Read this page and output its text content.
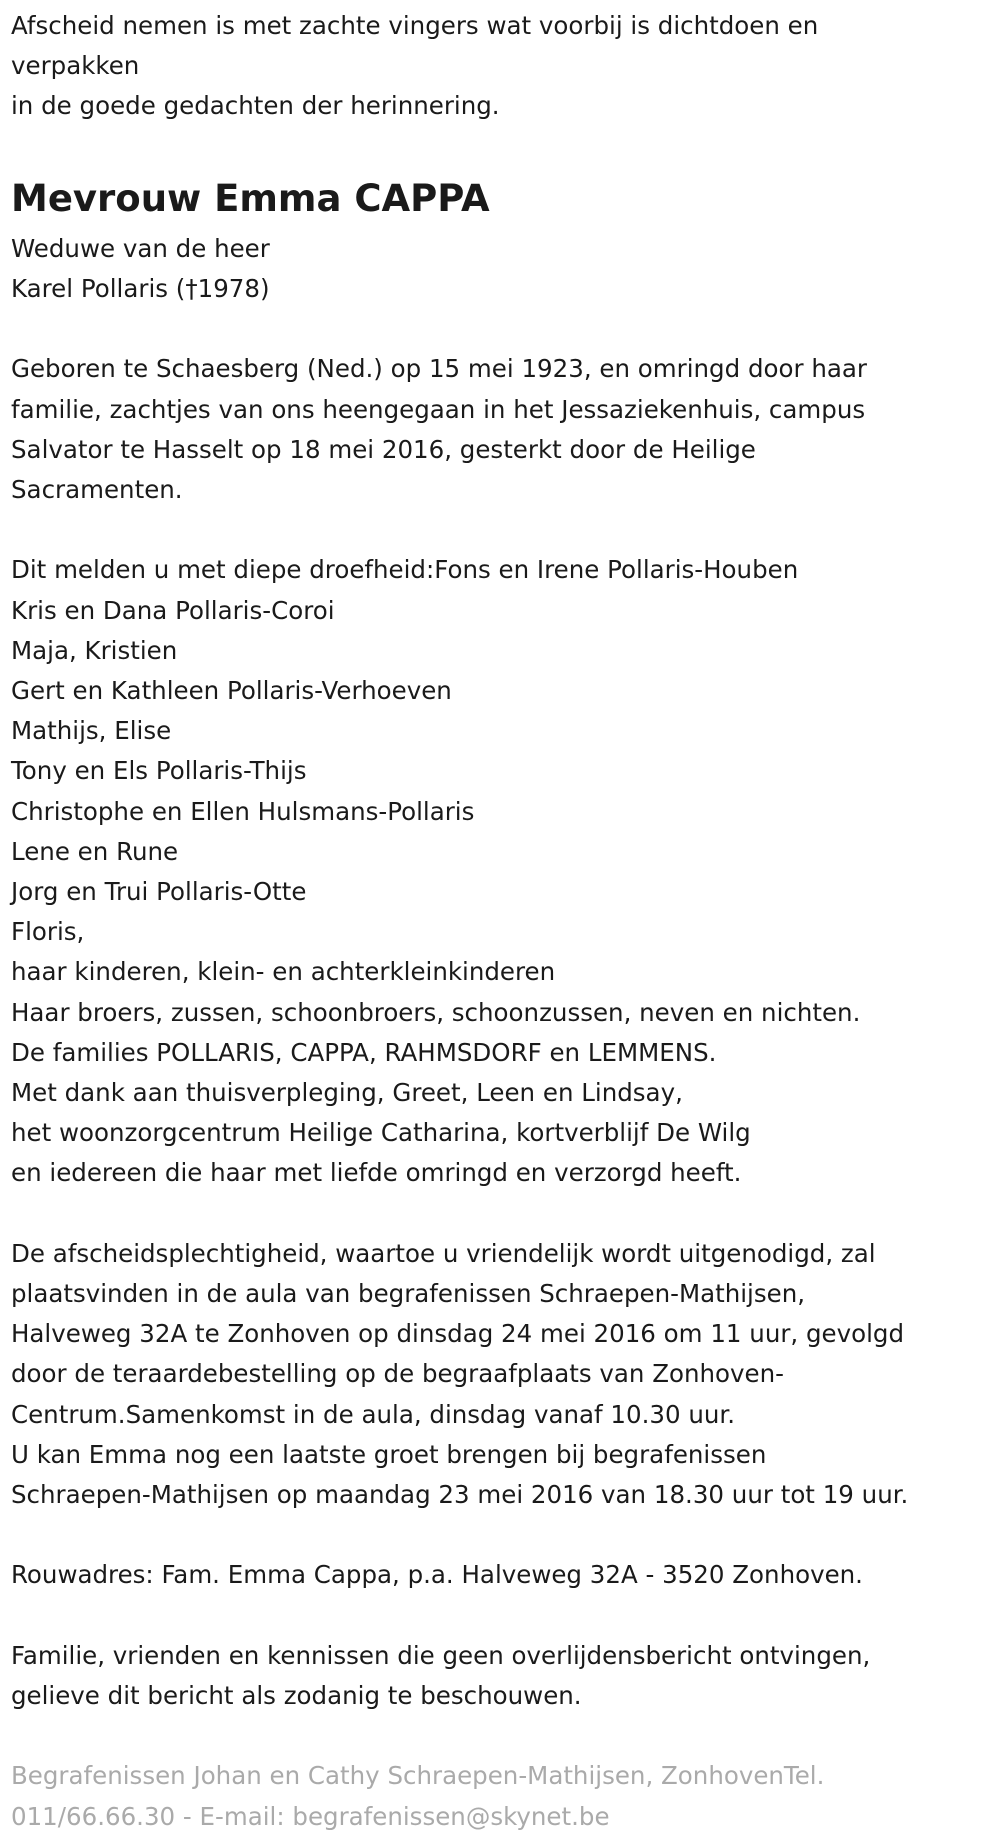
Afscheid nemen is met zachte vingers wat voorbij is dichtdoen en
verpakken
in de goede gedachten der herinnering.
Mevrouw Emma CAPPA
Weduwe van de heer
Karel Pollaris (†1978)
Geboren te Schaesberg (Ned.) op 15 mei 1923, en omringd door haar
familie, zachtjes van ons heengegaan in het Jessaziekenhuis, campus
Salvator te Hasselt op 18 mei 2016, gesterkt door de Heilige
Sacramenten.
Dit melden u met diepe droefheid:Fons en Irene Pollaris-Houben
Kris en Dana Pollaris-Coroi
Maja, Kristien
Gert en Kathleen Pollaris-Verhoeven
Mathijs, Elise
Tony en Els Pollaris-Thijs
Christophe en Ellen Hulsmans-Pollaris
Lene en Rune
Jorg en Trui Pollaris-Otte
Floris,
haar kinderen, klein- en achterkleinkinderen
Haar broers, zussen, schoonbroers, schoonzussen, neven en nichten.
De families POLLARIS, CAPPA, RAHMSDORF en LEMMENS.
Met dank aan thuisverpleging, Greet, Leen en Lindsay,
het woonzorgcentrum Heilige Catharina, kortverblijf De Wilg
en iedereen die haar met liefde omringd en verzorgd heeft.
De afscheidsplechtigheid, waartoe u vriendelijk wordt uitgenodigd, zal
plaatsvinden in de aula van begrafenissen Schraepen-Mathijsen,
Halveweg 32A te Zonhoven op dinsdag 24 mei 2016 om 11 uur, gevolgd
door de teraardebestelling op de begraafplaats van Zonhoven-
Centrum.Samenkomst in de aula, dinsdag vanaf 10.30 uur.
U kan Emma nog een laatste groet brengen bij begrafenissen
Schraepen-Mathijsen op maandag 23 mei 2016 van 18.30 uur tot 19 uur.
Rouwadres: Fam. Emma Cappa, p.a. Halveweg 32A - 3520 Zonhoven.
Familie, vrienden en kennissen die geen overlijdensbericht ontvingen,
gelieve dit bericht als zodanig te beschouwen.
Begrafenissen Johan en Cathy Schraepen-Mathijsen, ZonhovenTel.
011/66.66.30 - E-mail: begrafenissen@skynet.be
